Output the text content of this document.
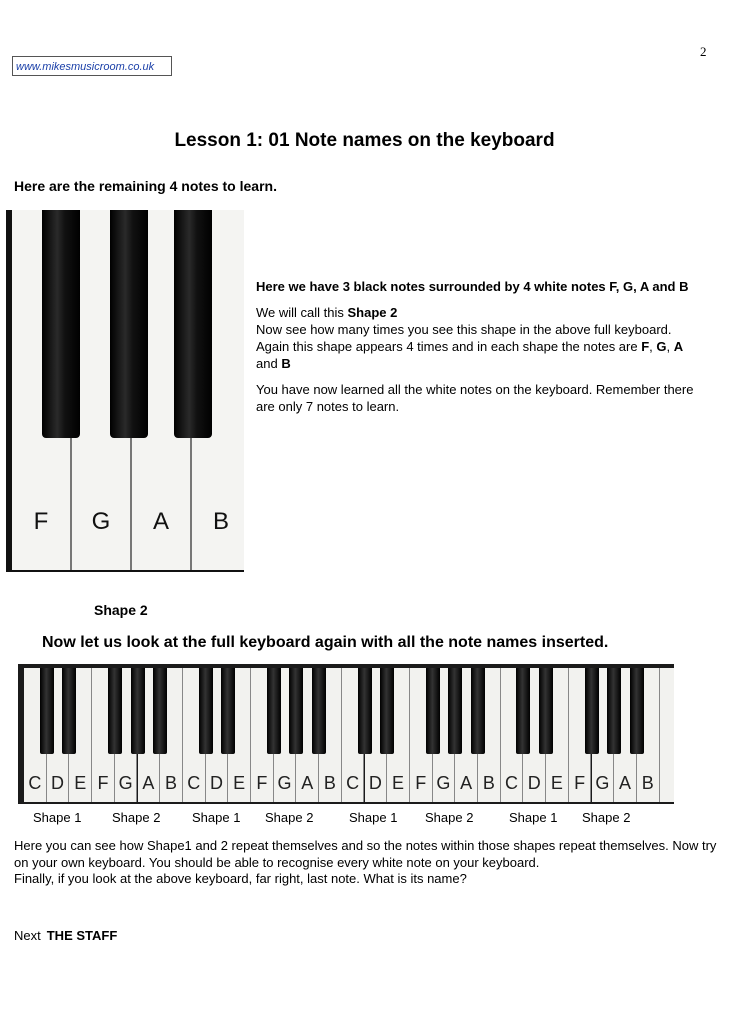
2
www.mikesmusicroom.co.uk
Lesson 1: 01 Note names on the keyboard
Here are the remaining 4 notes to learn.
F	G	A	B

Here we have 3 black notes surrounded by 4 white notes F, G, A and B

We will call this Shape 2
Now see how many times you see this shape in the above full keyboard. Again this shape appears 4 times and in each shape the notes are F, G, A and B

You have now learned all the white notes on the keyboard. Remember there are only 7 notes to learn.

Shape 2
Now let us look at the full keyboard again with all the note names inserted.
C D E F G A B C D E F G A B C D E F G A B C D E F G A B
Shape 1 Shape 2 Shape 1 Shape 2	Shape 1 Shape 2	Shape 1 Shape 2

Here you can see how Shape1 and 2 repeat themselves and so the notes within those shapes repeat themselves. Now try on your own keyboard. You should be able to recognise every white note on your keyboard.

Finally, if you look at the above keyboard, far right, last note. What is its name?

Next THE STAFF
